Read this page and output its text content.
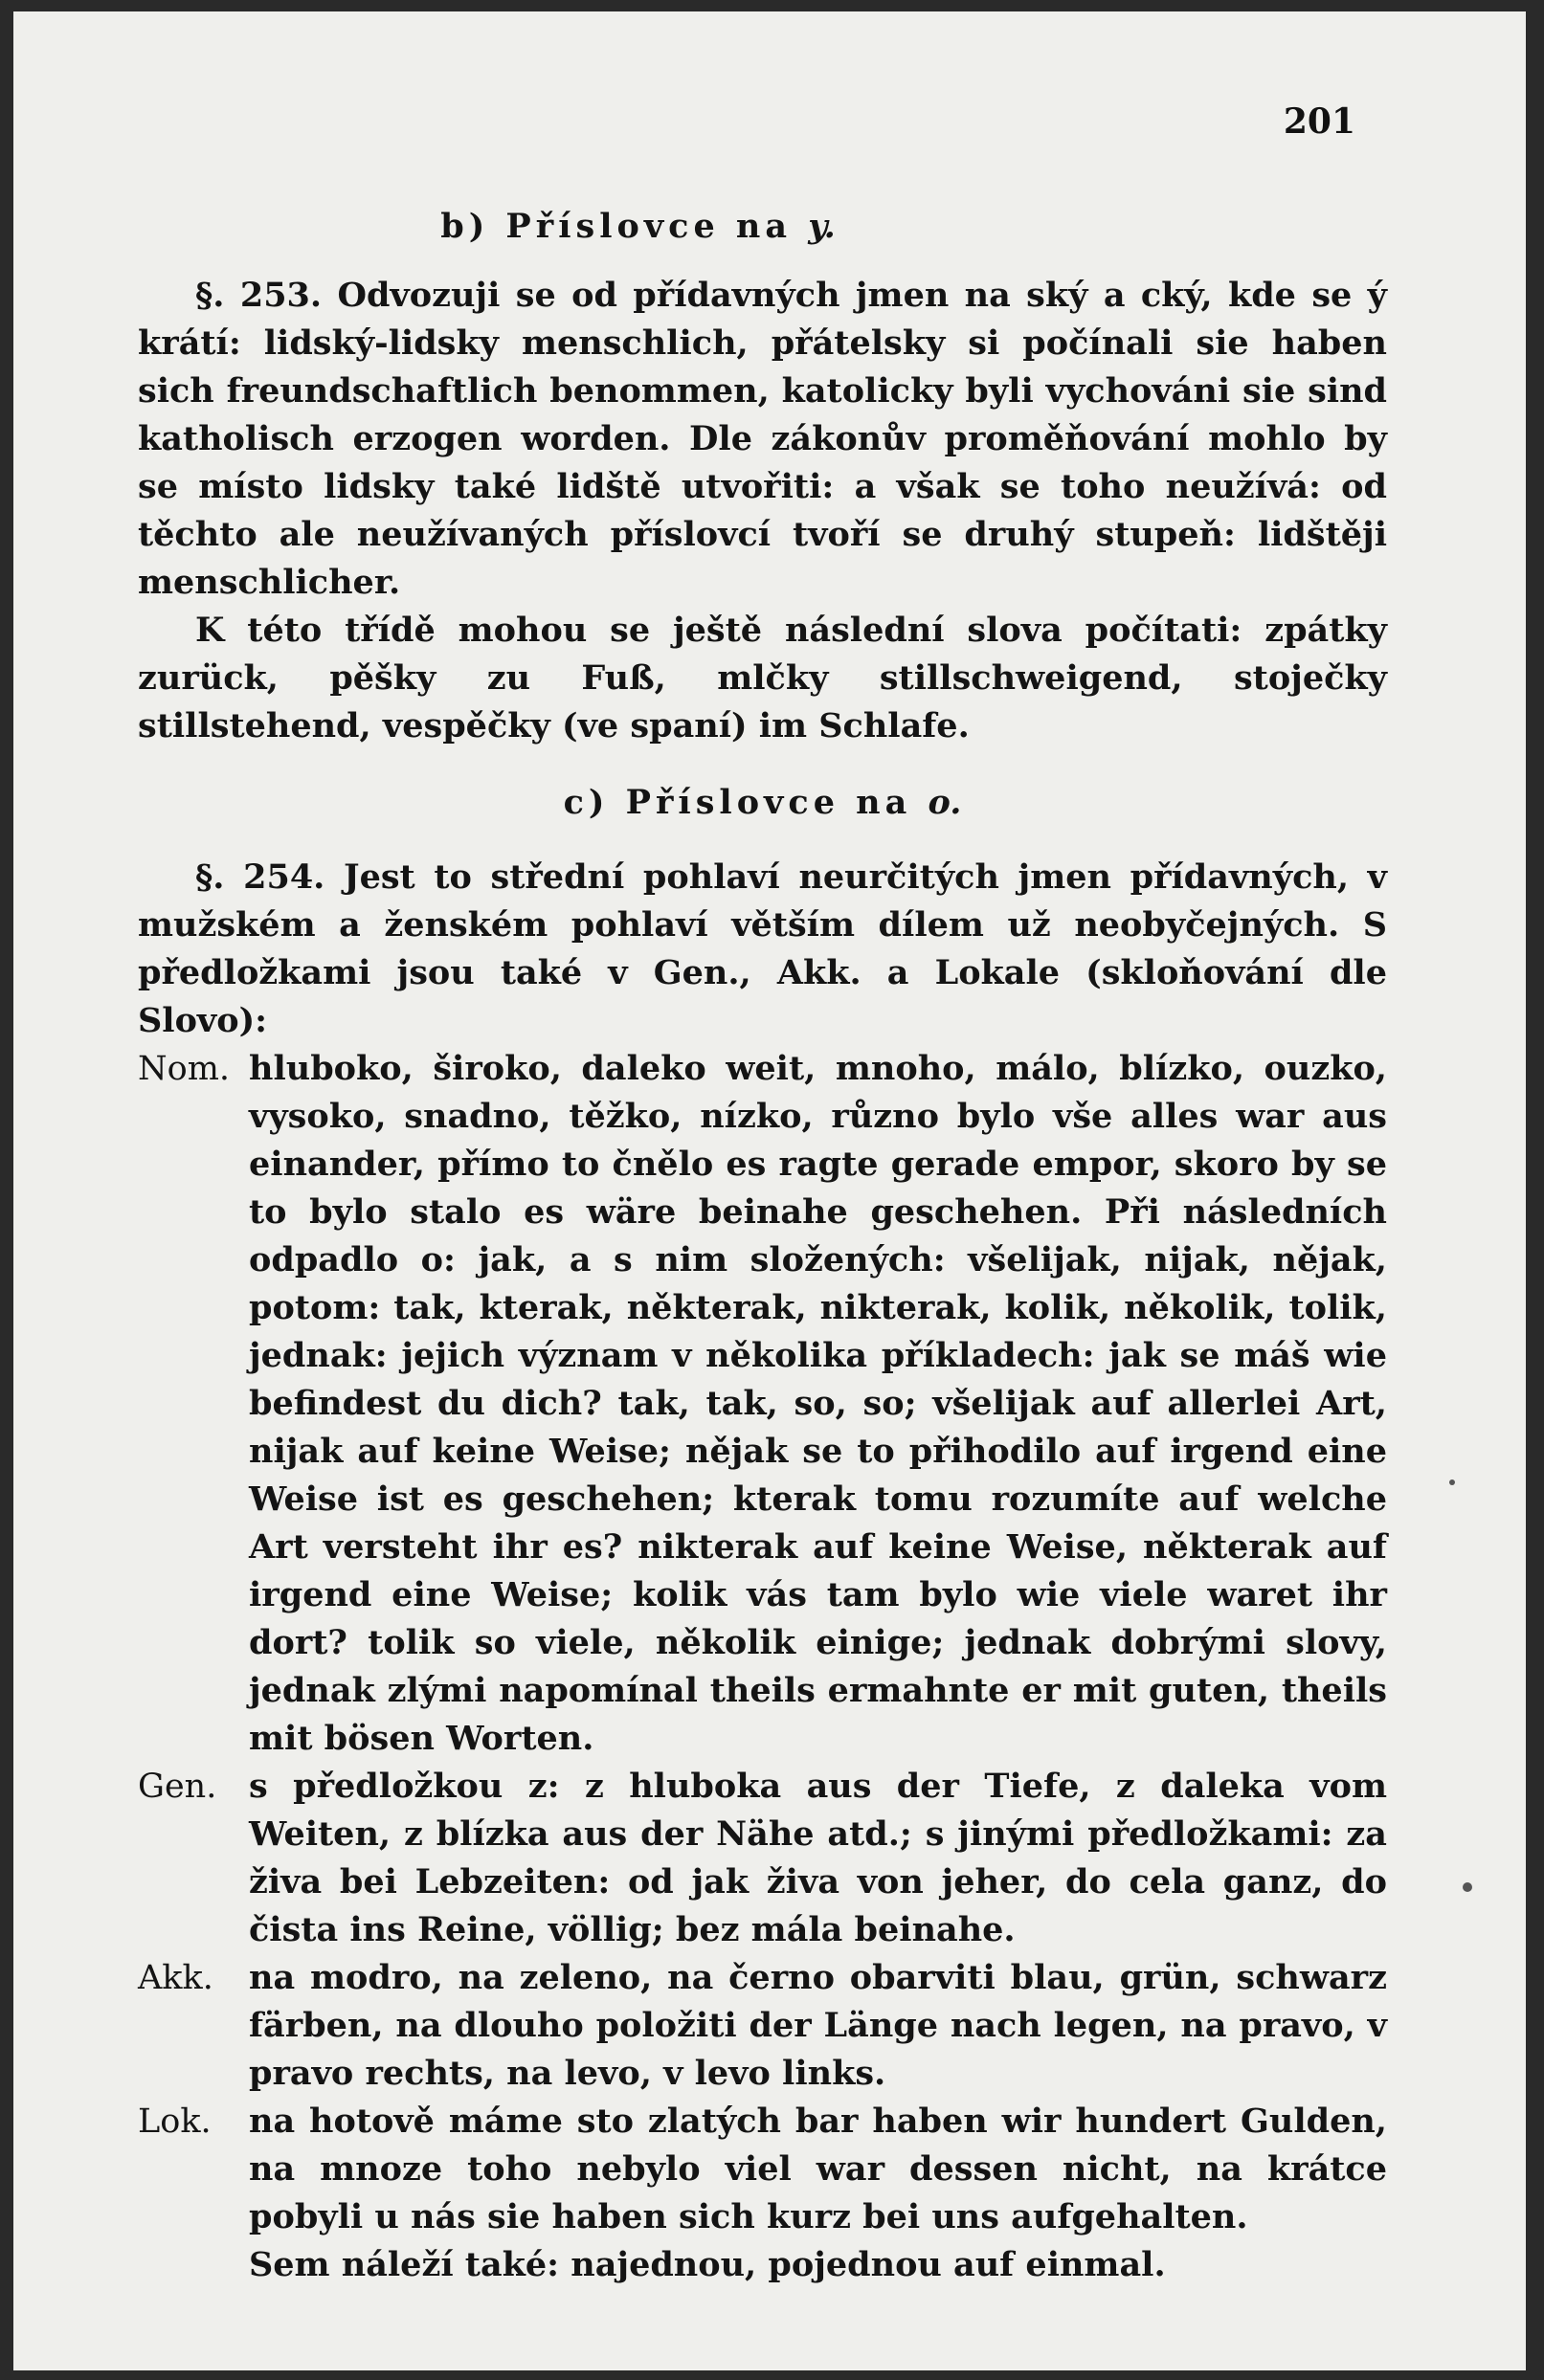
201

b) Příslovce na y.

§. 253. Odvozuji se od přídavných jmen na ský a cký, kde se ý krátí: lidský-lidsky menschlich, přátelsky si počínali sie haben sich freundschaftlich benommen, katolicky byli vychováni sie sind katholisch erzogen worden. Dle zákonův proměňování mohlo by se místo lidsky také lidště utvořiti: a však se toho neužívá: od těchto ale neužívaných příslovcí tvoří se druhý stupeň: lidštěji menschlicher.

K této třídě mohou se ještě následní slova počítati: zpátky zurück, pěšky zu Fuß, mlčky stillschweigend, stoječky stillstehend, vespěčky (ve spaní) im Schlafe.

c) Příslovce na o.

§. 254. Jest to střední pohlaví neurčitých jmen přídavných, v mužském a ženském pohlaví větším dílem už neobyčejných. S předložkami jsou také v Gen., Akk. a Lokale (skloňování dle Slovo):

Nom. hluboko, široko, daleko weit, mnoho, málo, blízko, ouzko, vysoko, snadno, těžko, nízko, různo bylo vše alles war aus einander, přímo to čnělo es ragte gerade empor, skoro by se to bylo stalo es wäre beinahe geschehen. Při následních odpadlo o: jak, a s nim složených: všelijak, nijak, nějak, potom: tak, kterak, některak, nikterak, kolik, několik, tolik, jednak: jejich význam v několika příkladech: jak se máš wie befindest du dich? tak, tak, so, so; všelijak auf allerlei Art, nijak auf keine Weise; nějak se to přihodilo auf irgend eine Weise ist es geschehen; kterak tomu rozumíte auf welche Art versteht ihr es? nikterak auf keine Weise, některak auf irgend eine Weise; kolik vás tam bylo wie viele waret ihr dort? tolik so viele, několik einige; jednak dobrými slovy, jednak zlými napomínal theils ermahnte er mit guten, theils mit bösen Worten.
Gen. s předložkou z: z hluboka aus der Tiefe, z daleka vom Weiten, z blízka aus der Nähe atd.; s jinými předložkami: za živa bei Lebzeiten: od jak živa von jeher, do cela ganz, do čista ins Reine, völlig; bez mála beinahe.
Akk.	na modro, na zeleno, na černo obarviti blau, grün, schwarz färben, na dlouho položiti der Länge nach legen, na pravo, v pravo rechts, na levo, v levo links.
Lok.	na hotově máme sto zlatých bar haben wir hundert Gulden, na mnoze toho nebylo viel war dessen nicht, na krátce pobyli u nás sie haben sich kurz bei uns aufgehalten.
Sem náleží také: najednou, pojednou auf einmal.
